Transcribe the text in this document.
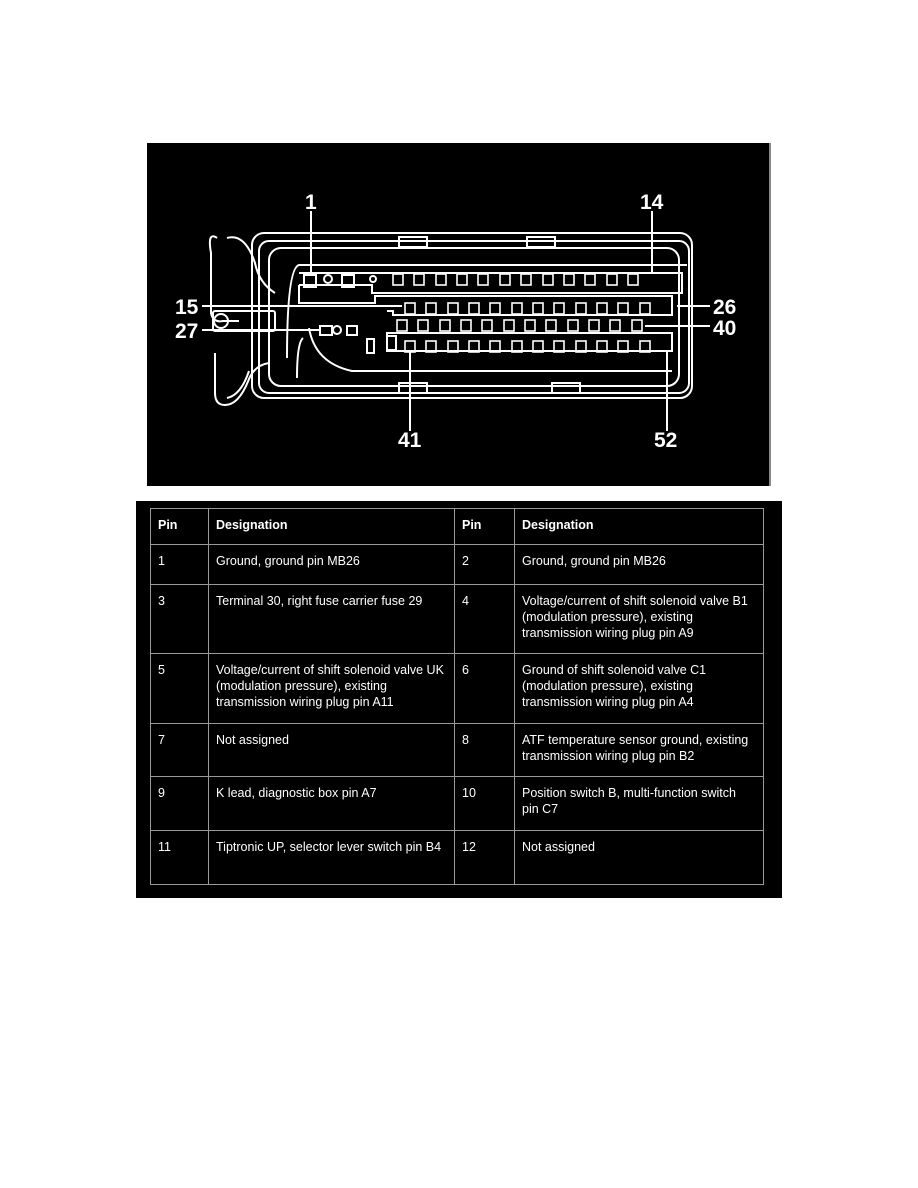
1	14
15	26
27	40
41	52
Pin	Designation	Pin	Designation
1	Ground, ground pin MB26	2	Ground, ground pin MB26
3	Terminal 30, right fuse carrier fuse 29	4	Voltage/current of shift solenoid valve B1 (modulation pressure), existing transmission wiring plug pin A9
5	Voltage/current of shift solenoid valve UK (modulation pressure), existing transmission wiring plug pin A11	6	Ground of shift solenoid valve C1 (modulation pressure), existing transmission wiring plug pin A4
7	Not assigned	8	ATF temperature sensor ground, existing transmission wiring plug pin B2
9	K lead, diagnostic box pin A7	10	Position switch B, multi-function switch pin C7
11	Tiptronic UP, selector lever switch pin B4	12	Not assigned
